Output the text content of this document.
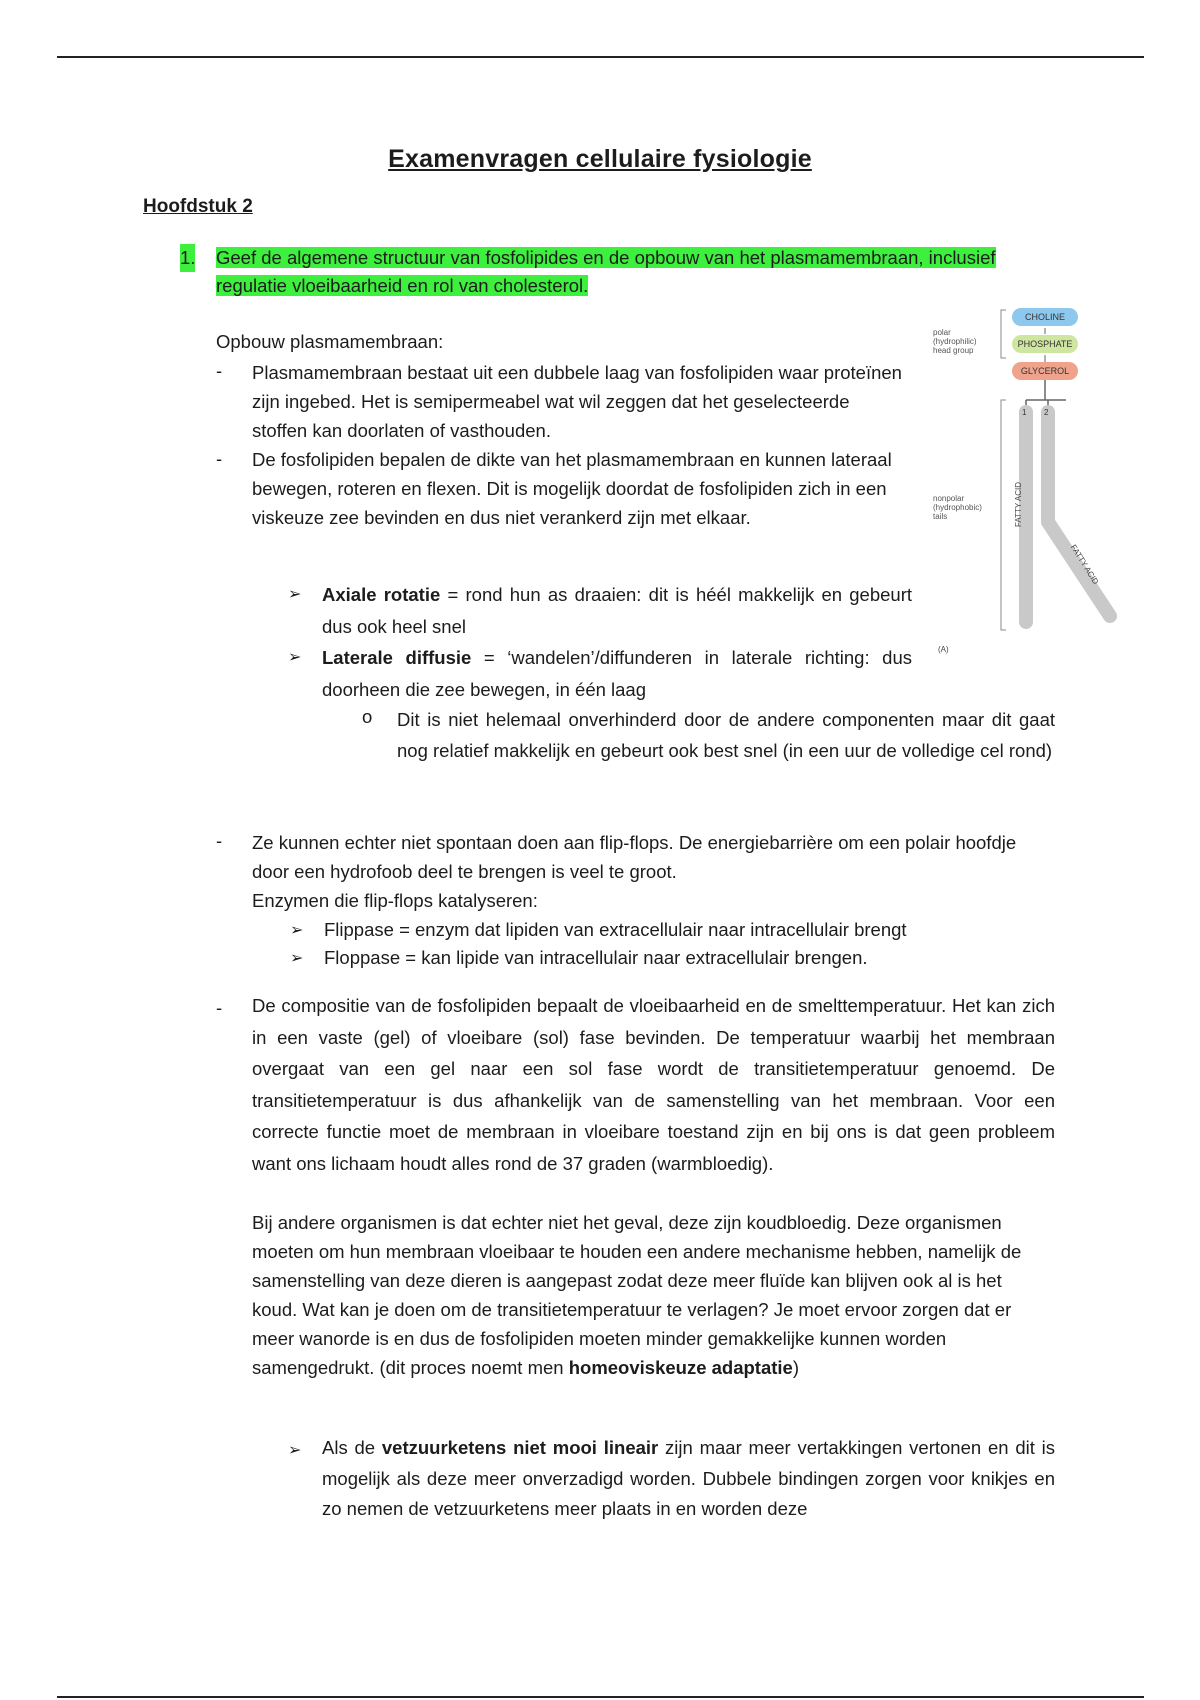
Examenvragen cellulaire fysiologie
Hoofdstuk 2
1. Geef de algemene structuur van fosfolipides en de opbouw van het plasmamembraan, inclusief regulatie vloeibaarheid en rol van cholesterol.
Opbouw plasmamembraan:
- Plasmamembraan bestaat uit een dubbele laag van fosfolipiden waar proteïnen zijn ingebed. Het is semipermeabel wat wil zeggen dat het geselecteerde stoffen kan doorlaten of vasthouden.
- De fosfolipiden bepalen de dikte van het plasmamembraan en kunnen lateraal bewegen, roteren en flexen. Dit is mogelijk doordat de fosfolipiden zich in een viskeuze zee bevinden en dus niet verankerd zijn met elkaar.
➢ Axiale rotatie = rond hun as draaien: dit is héél makkelijk en gebeurt dus ook heel snel
➢ Laterale diffusie = ‘wandelen’/diffunderen in laterale richting: dus doorheen die zee bewegen, in één laag
o Dit is niet helemaal onverhinderd door de andere componenten maar dit gaat nog relatief makkelijk en gebeurt ook best snel (in een uur de volledige cel rond)
- Ze kunnen echter niet spontaan doen aan flip-flops. De energiebarrière om een polair hoofdje door een hydrofoob deel te brengen is veel te groot.
Enzymen die flip-flops katalyseren:
➢ Flippase = enzym dat lipiden van extracellulair naar intracellulair brengt
➢ Floppase = kan lipide van intracellulair naar extracellulair brengen.
- De compositie van de fosfolipiden bepaalt de vloeibaarheid en de smelttemperatuur. Het kan zich in een vaste (gel) of vloeibare (sol) fase bevinden. De temperatuur waarbij het membraan overgaat van een gel naar een sol fase wordt de transitietemperatuur genoemd. De transitietemperatuur is dus afhankelijk van de samenstelling van het membraan. Voor een correcte functie moet de membraan in vloeibare toestand zijn en bij ons is dat geen probleem want ons lichaam houdt alles rond de 37 graden (warmbloedig).
Bij andere organismen is dat echter niet het geval, deze zijn koudbloedig. Deze organismen moeten om hun membraan vloeibaar te houden een andere mechanisme hebben, namelijk de samenstelling van deze dieren is aangepast zodat deze meer fluïde kan blijven ook al is het koud. Wat kan je doen om de transitietemperatuur te verlagen? Je moet ervoor zorgen dat er meer wanorde is en dus de fosfolipiden moeten minder gemakkelijke kunnen worden samengedrukt. (dit proces noemt men homeoviskeuze adaptatie)
➢ Als de vetzuurketens niet mooi lineair zijn maar meer vertakkingen vertonen en dit is mogelijk als deze meer onverzadigd worden. Dubbele bindingen zorgen voor knikjes en zo nemen de vetzuurketens meer plaats in en worden deze
polar (hydrophilic) head group
nonpolar (hydrophobic) tails
CHOLINE
PHOSPHATE
GLYCEROL
1 2
FATTY ACID
FATTY ACID
(A)
